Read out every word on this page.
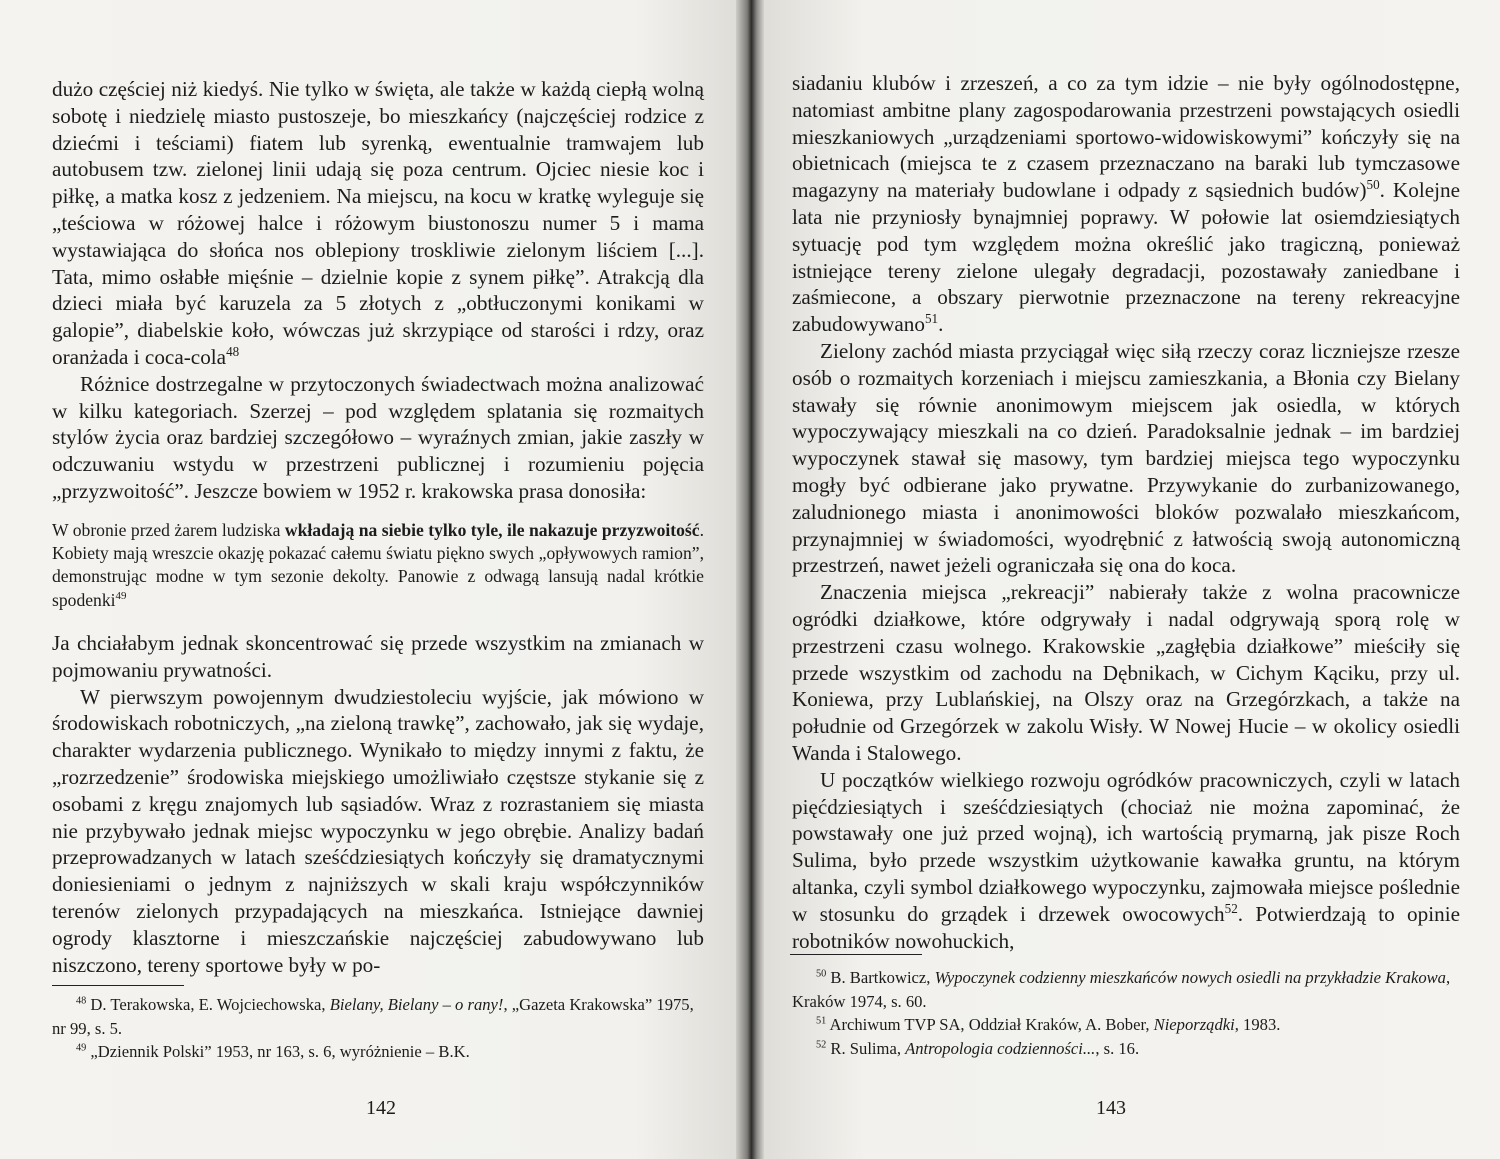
dużo częściej niż kiedyś. Nie tylko w święta, ale także w każdą ciepłą wolną sobotę i niedzielę miasto pustoszeje, bo mieszkańcy (najczęściej rodzice z dziećmi i teściami) fiatem lub syrenką, ewentualnie tramwajem lub autobusem tzw. zielonej linii udają się poza centrum. Ojciec niesie koc i piłkę, a matka kosz z jedzeniem. Na miejscu, na kocu w kratkę wyleguje się „teściowa w różowej halce i różowym biustonoszu numer 5 i mama wystawiająca do słońca nos oblepiony troskliwie zielonym liściem [...]. Tata, mimo osłabłe mięśnie – dzielnie kopie z synem piłkę”. Atrakcją dla dzieci miała być karuzela za 5 złotych z „obtłuczonymi konikami w galopie”, diabelskie koło, wówczas już skrzypiące od starości i rdzy, oraz oranżada i coca-cola$^{48}$

Różnice dostrzegalne w przytoczonych świadectwach można analizować w kilku kategoriach. Szerzej – pod względem splatania się rozmaitych stylów życia oraz bardziej szczegółowo – wyraźnych zmian, jakie zaszły w odczuwaniu wstydu w przestrzeni publicznej i rozumieniu pojęcia „przyzwoitość”. Jeszcze bowiem w 1952 r. krakowska prasa donosiła:

W obronie przed żarem ludziska wkładają na siebie tylko tyle, ile nakazuje przyzwoitość. Kobiety mają wreszcie okazję pokazać całemu światu piękno swych „opływowych ramion”, demonstrując modne w tym sezonie dekolty. Panowie z odwagą lansują nadal krótkie spodenki$^{49}$

Ja chciałabym jednak skoncentrować się przede wszystkim na zmianach w pojmowaniu prywatności.

W pierwszym powojennym dwudziestoleciu wyjście, jak mówiono w środowiskach robotniczych, „na zieloną trawkę”, zachowało, jak się wydaje, charakter wydarzenia publicznego. Wynikało to między innymi z faktu, że „rozrzedzenie” środowiska miejskiego umożliwiało częstsze stykanie się z osobami z kręgu znajomych lub sąsiadów. Wraz z rozrastaniem się miasta nie przybywało jednak miejsc wypoczynku w jego obrębie. Analizy badań przeprowadzanych w latach sześćdziesiątych kończyły się dramatycznymi doniesieniami o jednym z najniższych w skali kraju współczynników terenów zielonych przypadających na mieszkańca. Istniejące dawniej ogrody klasztorne i mieszczańskie najczęściej zabudowywano lub niszczono, tereny sportowe były w po-

$^{48}$ D. Terakowska, E. Wojciechowska, Bielany, Bielany – o rany!, „Gazeta Krakowska” 1975, nr 99, s. 5.

$^{49}$ „Dziennik Polski” 1953, nr 163, s. 6, wyróżnienie – B.K.

142

siadaniu klubów i zrzeszeń, a co za tym idzie – nie były ogólnodostępne, natomiast ambitne plany zagospodarowania przestrzeni powstających osiedli mieszkaniowych „urządzeniami sportowo-widowiskowymi” kończyły się na obietnicach (miejsca te z czasem przeznaczano na baraki lub tymczasowe magazyny na materiały budowlane i odpady z sąsiednich budów)$^{50}$. Kolejne lata nie przyniosły bynajmniej poprawy. W połowie lat osiemdziesiątych sytuację pod tym względem można określić jako tragiczną, ponieważ istniejące tereny zielone ulegały degradacji, pozostawały zaniedbane i zaśmiecone, a obszary pierwotnie przeznaczone na tereny rekreacyjne zabudowywano$^{51}$.

Zielony zachód miasta przyciągał więc siłą rzeczy coraz liczniejsze rzesze osób o rozmaitych korzeniach i miejscu zamieszkania, a Błonia czy Bielany stawały się równie anonimowym miejscem jak osiedla, w których wypoczywający mieszkali na co dzień. Paradoksalnie jednak – im bardziej wypoczynek stawał się masowy, tym bardziej miejsca tego wypoczynku mogły być odbierane jako prywatne. Przywykanie do zurbanizowanego, zaludnionego miasta i anonimowości bloków pozwalało mieszkańcom, przynajmniej w świadomości, wyodrębnić z łatwością swoją autonomiczną przestrzeń, nawet jeżeli ograniczała się ona do koca.

Znaczenia miejsca „rekreacji” nabierały także z wolna pracownicze ogródki działkowe, które odgrywały i nadal odgrywają sporą rolę w przestrzeni czasu wolnego. Krakowskie „zagłębia działkowe” mieściły się przede wszystkim od zachodu na Dębnikach, w Cichym Kąciku, przy ul. Koniewa, przy Lublańskiej, na Olszy oraz na Grzegórzkach, a także na południe od Grzegórzek w zakolu Wisły. W Nowej Hucie – w okolicy osiedli Wanda i Stalowego.

U początków wielkiego rozwoju ogródków pracowniczych, czyli w latach pięćdziesiątych i sześćdziesiątych (chociaż nie można zapominać, że powstawały one już przed wojną), ich wartością prymarną, jak pisze Roch Sulima, było przede wszystkim użytkowanie kawałka gruntu, na którym altanka, czyli symbol działkowego wypoczynku, zajmowała miejsce poślednie w stosunku do grządek i drzewek owocowych$^{52}$. Potwierdzają to opinie robotników nowohuckich,

$^{50}$ B. Bartkowicz, Wypoczynek codzienny mieszkańców nowych osiedli na przykładzie Krakowa, Kraków 1974, s. 60.

$^{51}$ Archiwum TVP SA, Oddział Kraków, A. Bober, Nieporządki, 1983.

$^{52}$ R. Sulima, Antropologia codzienności..., s. 16.

143
